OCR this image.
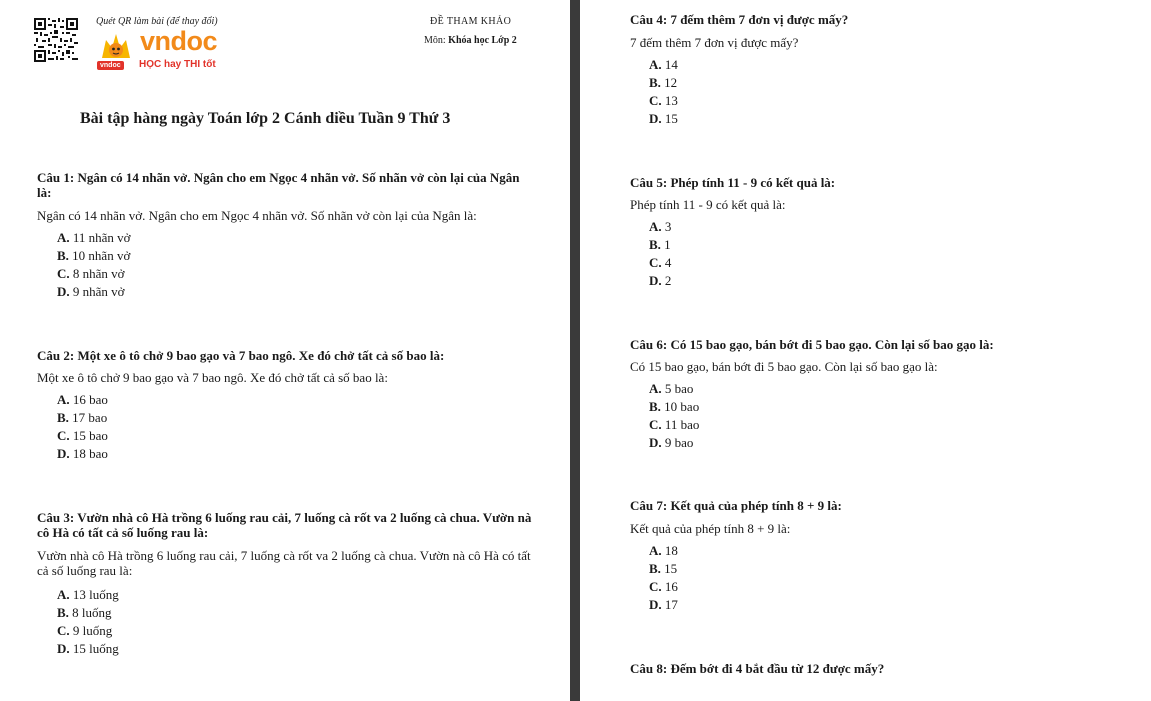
Quét QR làm bài (để thay đổi)
vndoc
vndoc	HỌC hay THI tốt
ĐỀ THAM KHẢO
Môn: Khóa học Lớp 2
Bài tập hàng ngày Toán lớp 2 Cánh diều Tuần 9 Thứ 3
Câu 1: Ngân có 14 nhãn vở. Ngân cho em Ngọc 4 nhãn vở. Số nhãn vở còn lại của Ngân là:
Ngân có 14 nhãn vở. Ngân cho em Ngọc 4 nhãn vở. Số nhãn vở còn lại của Ngân là:
A. 11 nhãn vở
B. 10 nhãn vở
C. 8 nhãn vở
D. 9 nhãn vở
Câu 2: Một xe ô tô chở 9 bao gạo và 7 bao ngô. Xe đó chở tất cả số bao là:
Một xe ô tô chở 9 bao gạo và 7 bao ngô. Xe đó chở tất cả số bao là:
A. 16 bao
B. 17 bao
C. 15 bao
D. 18 bao
Câu 3: Vườn nhà cô Hà trồng 6 luống rau cải, 7 luống cà rốt va 2 luống cà chua. Vườn nà cô Hà có tất cả số luống rau là:
Vườn nhà cô Hà trồng 6 luống rau cải, 7 luống cà rốt va 2 luống cà chua. Vườn nà cô Hà có tất cả số luống rau là:
A. 13 luống
B. 8 luống
C. 9 luống
D. 15 luống
Câu 4: 7 đếm thêm 7 đơn vị được mấy?
7 đếm thêm 7 đơn vị được mấy?
A. 14
B. 12
C. 13
D. 15
Câu 5: Phép tính 11 - 9 có kết quả là:
Phép tính 11 - 9 có kết quả là:
A. 3
B. 1
C. 4
D. 2
Câu 6: Có 15 bao gạo, bán bớt đi 5 bao gạo. Còn lại số bao gạo là:
Có 15 bao gạo, bán bớt đi 5 bao gạo. Còn lại số bao gạo là:
A. 5 bao
B. 10 bao
C. 11 bao
D. 9 bao
Câu 7: Kết quả của phép tính 8 + 9 là:
Kết quả của phép tính 8 + 9 là:
A. 18
B. 15
C. 16
D. 17
Câu 8: Đếm bớt đi 4 bắt đầu từ 12 được mấy?
